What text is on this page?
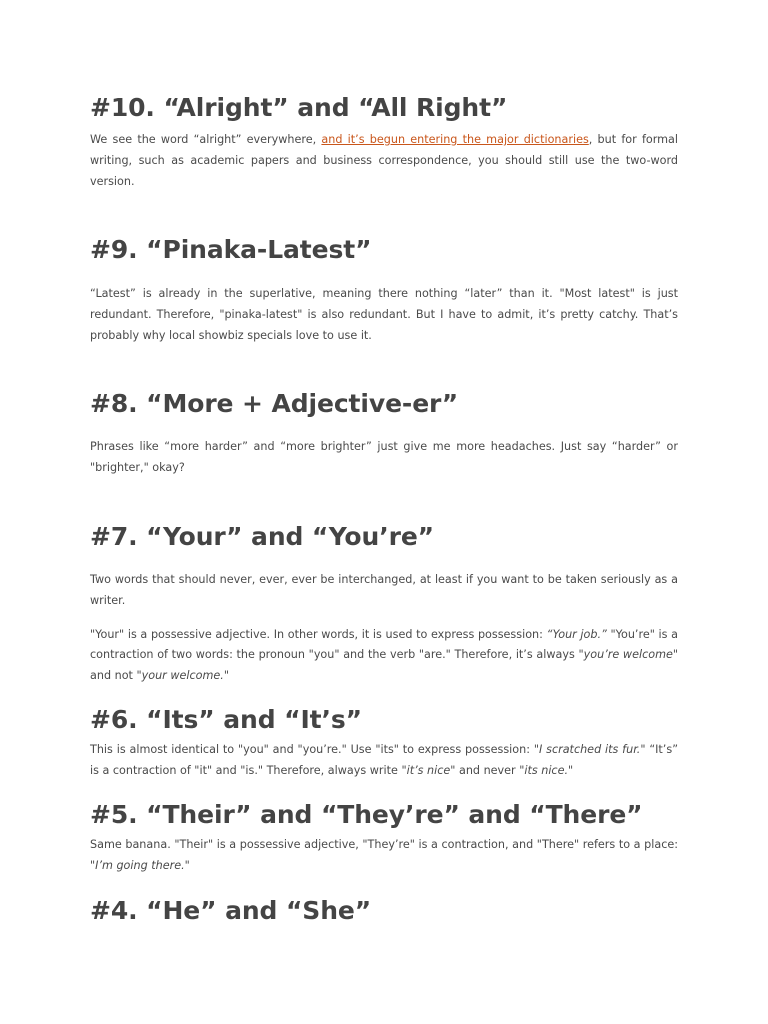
#10. “Alright” and “All Right”

We see the word “alright” everywhere, and it’s begun entering the major dictionaries, but for formal writing, such as academic papers and business correspondence, you should still use the two-word version.

#9. “Pinaka-Latest”

“Latest” is already in the superlative, meaning there nothing “later” than it. "Most latest" is just redundant. Therefore, "pinaka-latest" is also redundant. But I have to admit, it’s pretty catchy. That’s probably why local showbiz specials love to use it.

#8. “More + Adjective-er”

Phrases like “more harder” and “more brighter” just give me more headaches. Just say “harder” or "brighter," okay?

#7. “Your” and “You’re”

Two words that should never, ever, ever be interchanged, at least if you want to be taken seriously as a writer.

"Your" is a possessive adjective. In other words, it is used to express possession: “Your job.” "You’re" is a contraction of two words: the pronoun "you" and the verb "are." Therefore, it’s always "you’re welcome" and not "your welcome."

#6. “Its” and “It’s”

This is almost identical to "you" and "you’re." Use "its" to express possession: "I scratched its fur." “It’s” is a contraction of "it" and "is." Therefore, always write "it’s nice" and never "its nice."

#5. “Their” and “They’re” and “There”

Same banana. "Their" is a possessive adjective, "They’re" is a contraction, and "There" refers to a place: "I’m going there."

#4. “He” and “She”
